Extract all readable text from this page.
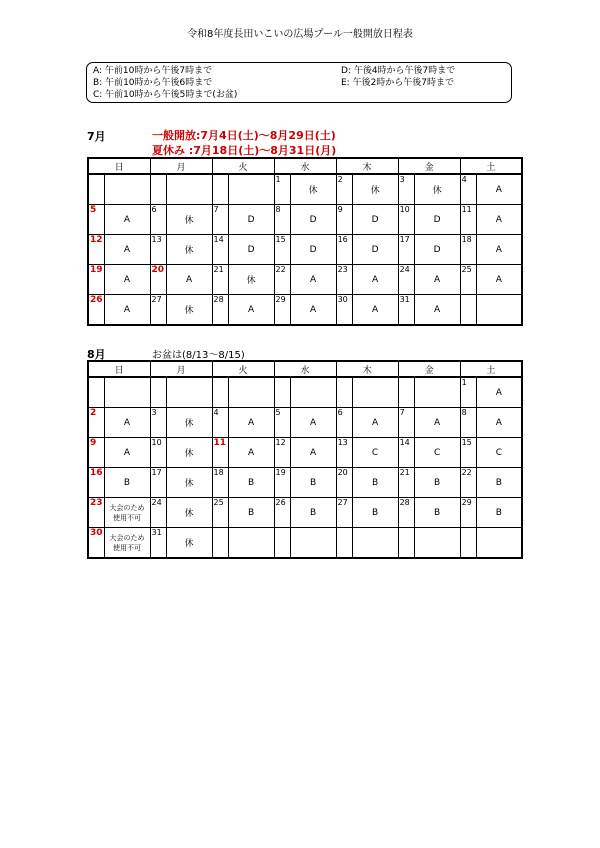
令和8年度長田いこいの広場プール一般開放日程表
A: 午前10時から午後7時まで
B: 午前10時から午後6時まで
C: 午前10時から午後5時まで(お盆)
D: 午後4時から午後7時まで
E: 午後2時から午後7時まで
7月	一般開放:7月4日(土)～8月29日(土)
夏休み :7月18日(土)～8月31日(月)
日		月		火		水		木		金		土	
						1	休	2	休	3	休	4	A
5	A	6	休	7	D	8	D	9	D	10	D	11	A
12	A	13	休	14	D	15	D	16	D	17	D	18	A
19	A	20	A	21	休	22	A	23	A	24	A	25	A
26	A	27	休	28	A	29	A	30	A	31	A		
8月	お盆は(8/13～8/15)
日		月		火		水		木		金		土	
												1	A
2	A	3	休	4	A	5	A	6	A	7	A	8	A
9	A	10	休	11	A	12	A	13	C	14	C	15	C
16	B	17	休	18	B	19	B	20	B	21	B	22	B
23	大会のため
使用不可	24	休	25	B	26	B	27	B	28	B	29	B
30	大会のため
使用不可	31	休										
